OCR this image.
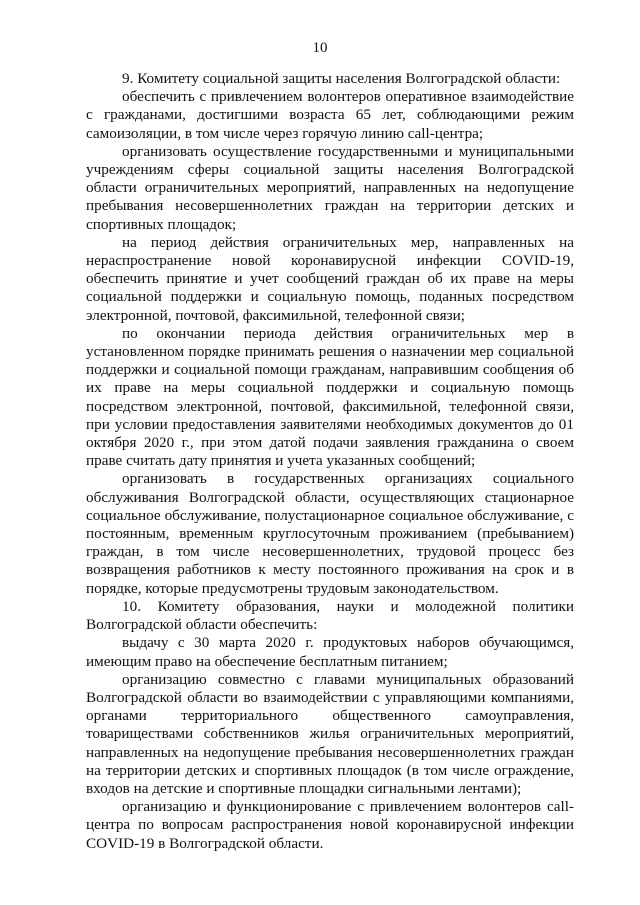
10

9. Комитету социальной защиты населения Волгоградской области:

обеспечить с привлечением волонтеров оперативное взаимодействие с гражданами, достигшими возраста 65 лет, соблюдающими режим самоизоляции, в том числе через горячую линию call-центра;

организовать осуществление государственными и муниципальными учреждениям сферы социальной защиты населения Волгоградской области ограничительных мероприятий, направленных на недопущение пребывания несовершеннолетних граждан на территории детских и спортивных площадок;

на период действия ограничительных мер, направленных на нераспространение новой коронавирусной инфекции COVID-19, обеспечить принятие и учет сообщений граждан об их праве на меры социальной поддержки и социальную помощь, поданных посредством электронной, почтовой, факсимильной, телефонной связи;

по окончании периода действия ограничительных мер в установленном порядке принимать решения о назначении мер социальной поддержки и социальной помощи гражданам, направившим сообщения об их праве на меры социальной поддержки и социальную помощь посредством электронной, почтовой, факсимильной, телефонной связи, при условии предоставления заявителями необходимых документов до 01 октября 2020 г., при этом датой подачи заявления гражданина о своем праве считать дату принятия и учета указанных сообщений;

организовать в государственных организациях социального обслуживания Волгоградской области, осуществляющих стационарное социальное обслуживание, полустационарное социальное обслуживание, с постоянным, временным круглосуточным проживанием (пребыванием) граждан, в том числе несовершеннолетних, трудовой процесс без возвращения работников к месту постоянного проживания на срок и в порядке, которые предусмотрены трудовым законодательством.

10. Комитету образования, науки и молодежной политики Волгоградской области обеспечить:

выдачу с 30 марта 2020 г. продуктовых наборов обучающимся, имеющим право на обеспечение бесплатным питанием;

организацию совместно с главами муниципальных образований Волгоградской области во взаимодействии с управляющими компаниями, органами территориального общественного самоуправления, товариществами собственников жилья ограничительных мероприятий, направленных на недопущение пребывания несовершеннолетних граждан на территории детских и спортивных площадок (в том числе ограждение, входов на детские и спортивные площадки сигнальными лентами);

организацию и функционирование с привлечением волонтеров call-центра по вопросам распространения новой коронавирусной инфекции COVID-19 в Волгоградской области.
